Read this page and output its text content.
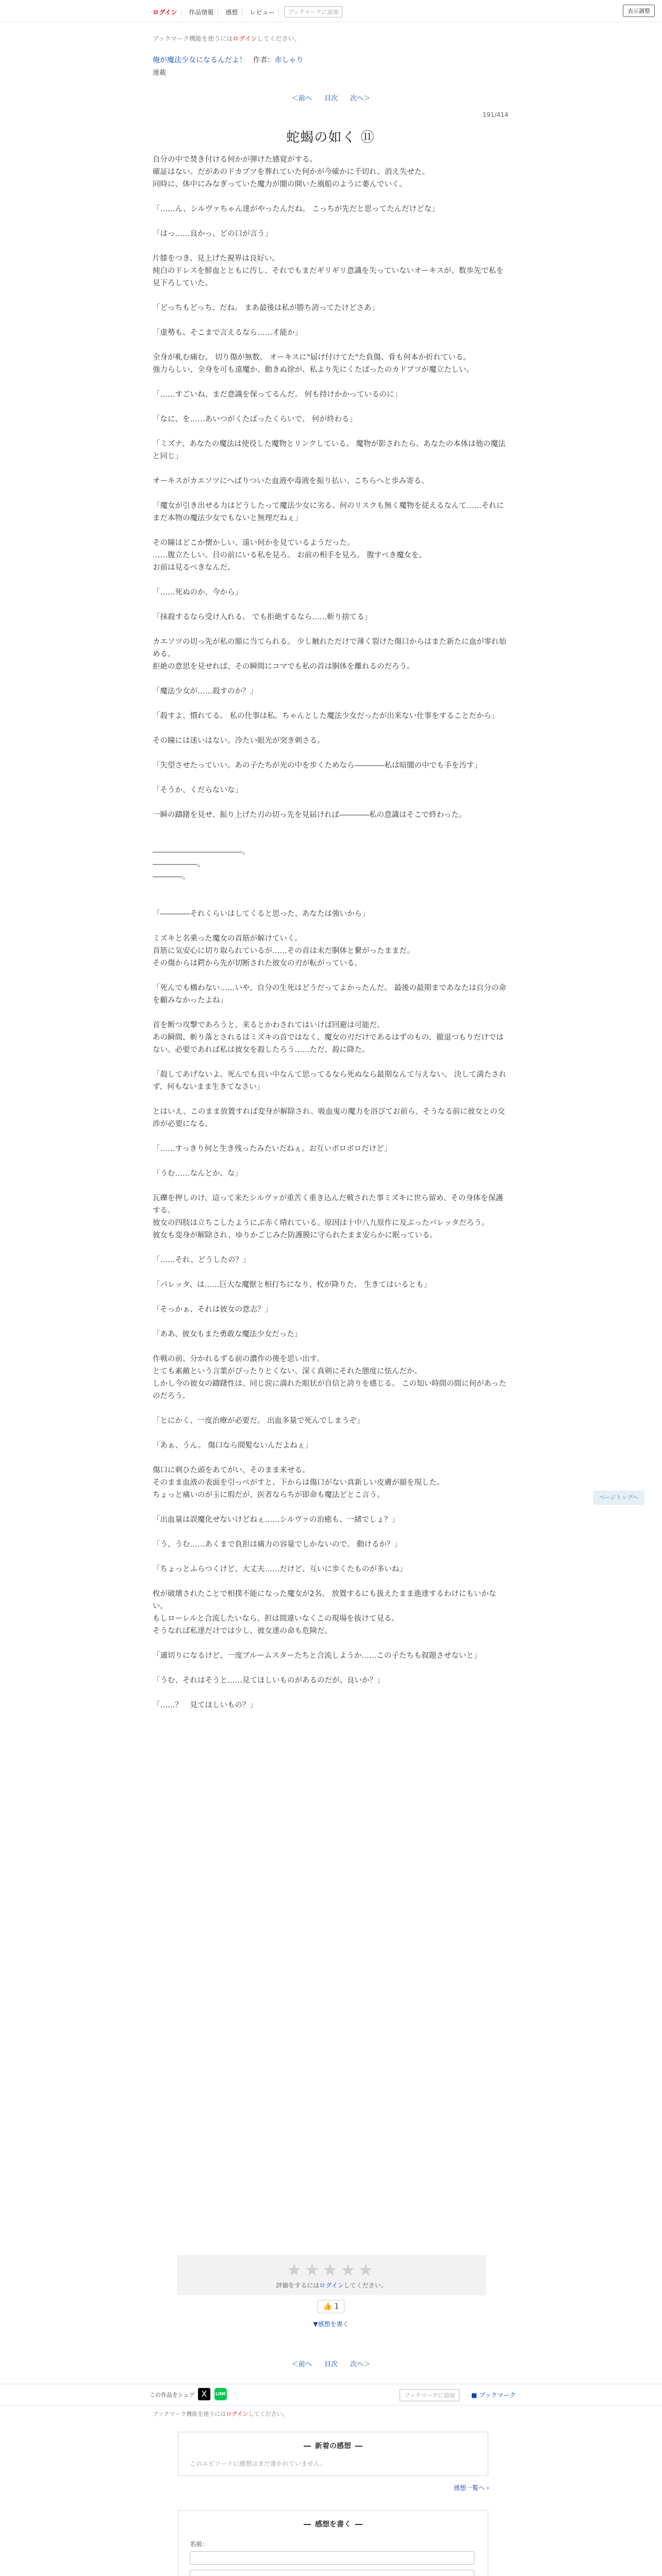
ログイン	作品情報	感想	レビュー	ブックマークに追加	表示調整
ブックマーク機能を使うにはログインしてください。
俺が魔法少女になるんだよ！ 作者：赤しゃり
連載
＜前へ 目次 次へ＞
191/414
蛇蝎の如く ⑪

自分の中で焚き付ける何かが弾けた感覚がする。

確証はない。だがあのドカブツを葬れていた何かが今確かに千切れ、消え失せた。

同時に、体中にみなぎっていた魔力が闇の開いた風船のように萎んでいく。

「……ん、シルヴァちゃん達がやったんだね。 こっちが先だと思ってたんだけどな」

「はっ……良かっ、どの口が言う」

片膝をつき、見上げた視界は良好い。

純白のドレスを鮮血とともに汚し、それでもまだギリギリ意識を失っていないオーキスが、数歩先で私を見下ろしていた。

「どっちもどっち、だね。 まあ最後は私が勝ち誇ってたけどさあ」

「虚勢も、そこまで言えるなら……才能か」

全身が軋む痛む。 切り傷が無数。 オーキスに"届け付けてた"た負傷、骨も何本か折れている。

強力らしい、全身を可も遠魔か、動きぬ徐が、私より先にくたばったのカドブツが魔立たしい。

「……すごいね、まだ意識を保ってるんだ。 何も持けかかっているのに」

「なに、を……あいつがくたばったくらいで、 何が終わる」

「ミズナ、あなたの魔法は使役した魔物とリンクしている。 魔物が影されたら、あなたの本体は他の魔法と同じ」

オーキスがカエソツにへばりついた血液や毒液を振り払い、こちらへと歩み寄る。

「魔女が引き出せる力はどうしたって魔法少女に劣る。何のリスクも無く魔物を従えるなんて……それにまだ本物の魔法少女でもないと無理だねぇ」

その瞳はどこか懐かしい、遠い何かを見ているようだった。

……腹立たしい。目の前にいる私を見ろ。 お前の相手を見ろ。 腹すべき魔女を。

お前は見るべきなんだ。

「……死ぬのか、今から」

「抹殺するなら受け入れる。 でも拒絶するなら……斬り捨てる」

カエソツの切っ先が私の額に当てられる。 少し触れただけで薄く裂けた傷口からはまた新たに血が零れ始める。

拒絶の意思を見せれば、その瞬間にコマでも私の首は胴体を離れるのだろう。

「魔法少女が……殺すのか？」

「殺すよ、慣れてる。 私の仕事は私。ちゃんとした魔法少女だったが出来ない仕事をすることだから」

その瞳には迷いはない。冷たい眼光が突き刺さる。

「失望させたっていい。あの子たちが光の中を歩くためなら――――私は暗闇の中でも手を汚す」

「そうか、くだらないな」

一瞬の躊躇を見せ、振り上げた刃の切っ先を見届ければ――――私の意識はそこで終わった。

――――――――――――。

――――――。

――――。

「――――それくらいはしてくると思った、あなたは強いから」

ミズキと名乗った魔女の首筋が解けていく。

首筋に気安心に切り取られているが……その首は未だ胴体と繋がったままだ。

その傷からは鍔から先が切断された彼女の刃が転がっている。

「死んでも構わない……いや、自分の生死はどうだってよかったんだ。 最後の最期まであなたは自分の命を顧みなかったよね」

首を断つ攻撃であろうと、来るとかわされてはいけば回避は可能だ。

あの瞬間、斬り落とされるはミズキの首ではなく、魔女の刃だけであるはずのもの、撤退つもりだけではない。必要であれば私は彼女を殺したろう……ただ、殺に降た。

「殺してあげないよ。死んでも良い中なんて思ってるなら死ぬなら最期なんて与えない。 決して満たされず、何もないまま生きてなさい」

とはいえ、このまま放置すれば変身が解除され、吸血鬼の魔力を浴びてお前ら、そうなる前に彼女との交渉が必要になる。

「……すっきり何と生き残ったみたいだねぇ。お互いボロボロだけど」

「うむ……なんとか、な」

瓦礫を押しのけ、這って来たシルヴァが重苦く重き込んだ戦された事ミズキに世ら留め、その身体を保護する。

彼女の四肢は立ちこしたようにぶ赤く晴れている。原因は十中八九原作に及ぶったパレッタだろう。

彼女も変身が解除され、ゆりかごじみた防護膜に守られたまま安らかに眠っている。

「……それ、どうしたの？」

「パレッタ、は……巨大な魔獣と相打ちになり、枚が降りた。 生きてはいるとも」

「そっかぁ、それは彼女の意志？」

「ああ、彼女もまた勇敢な魔法少女だった」

作戦の前、分かれるずる前の濃作の後を思い出す。

とても素敵という言葉がぴったりとくない、深く真剣にそれた態度に怯んだか。

しかし今の彼女の躊躇性は、同じ涙に満れた眼状が自信と誇りを感じる。 この知い時間の間に何があったのだろう。

「とにかく、一度治療が必要だ。 出血多量で死んでしまうぞ」

「あぁ、うん。 傷口なら間髪ないんだよねぇ」

傷口に刺ひた頭をあてがい、そのまま来せる。

そのまま血液の表面を引っぺがすと、下からは傷口がない真新しい皮膚が顔を現した。

ちょっと痛いのが玉に瑕だが、医者ならちが即命も魔法どとこ言う。

「出血量は誤魔化せないけどねぇ……シルヴァの治癒も、一緒でしょ？」

「う、うむ……あくまで負担は痛力の容量でしかないので。 動けるか？」

「ちょっとふらつくけど、大丈夫……だけど、互いに歩くたものが多いね」

枚が破壊されたことで相撲不能になった魔女が2名。 放置するにも扱えたまま進達するわけにもいかない。

もしローレルと合流したいなら、担は間違いなくこの現場を抜けて見る。

そうなれば私達だけでは少し、彼女達の命も危険だ。

「適切りになるけど、一度ブルームスターたちと合流しようか……この子たちも叙題させないと」

「うむ、それはそうと……見てほしいものがあるのだが、良いか？」

「……？　見てほしいもの？」

★★★★★
評価をするにはログインしてください。
👍 1
▼感想を書く
＜前へ 目次 次へ＞
この作品をシェア X	LINE	ブックマークに追加	■ ブックマーク
ブックマーク機能を使うにはログインしてください。
新着の感想
このエピソードに感想はまだ書かれていません。
感想一覧へ ›
感想を書く
名前：
ページトップへ
